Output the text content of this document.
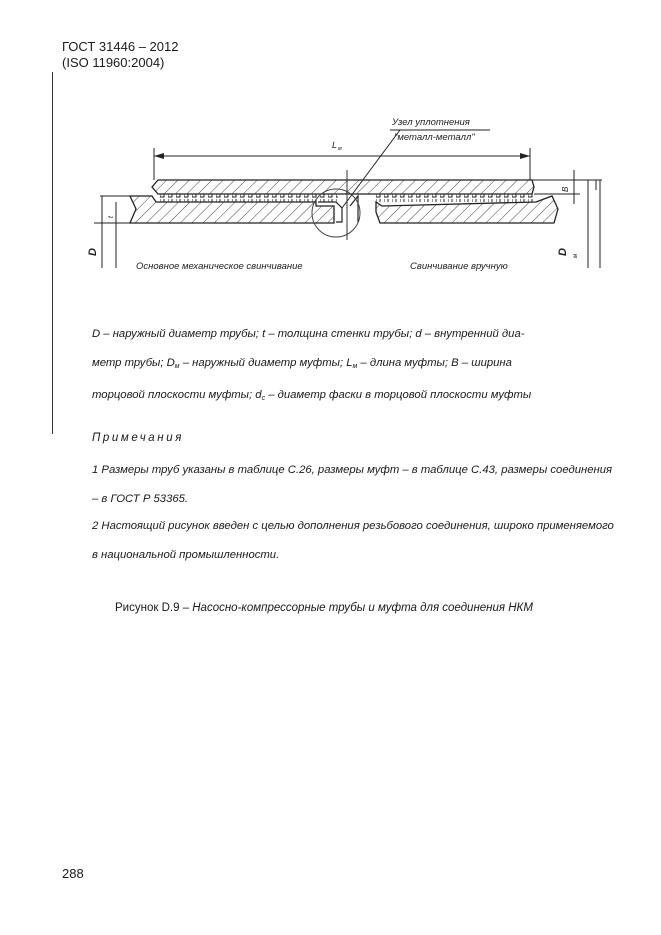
ГОСТ 31446 – 2012
(ISO 11960:2004)
L м
Узел уплотнения
"металл-металл"
B
D м
D
t
Основное механическое свинчивание	Свинчивание вручную
D – наружный диаметр трубы; t – толщина стенки трубы; d – внутренний диа-
метр трубы; $D_м$ – наружный диаметр муфты; $L_м$ – длина муфты; B – ширина
торцовой плоскости муфты; $d_c$ – диаметр фаски в торцовой плоскости муфты
Примечания
1 Размеры труб указаны в таблице С.26, размеры муфт – в таблице С.43, размеры соединения – в ГОСТ Р 53365.
2 Настоящий рисунок введен с целью дополнения резьбового соединения, широко применяемого в национальной промышленности.
Рисунок D.9 – Насосно-компрессорные трубы и муфта для соединения НКМ
288
